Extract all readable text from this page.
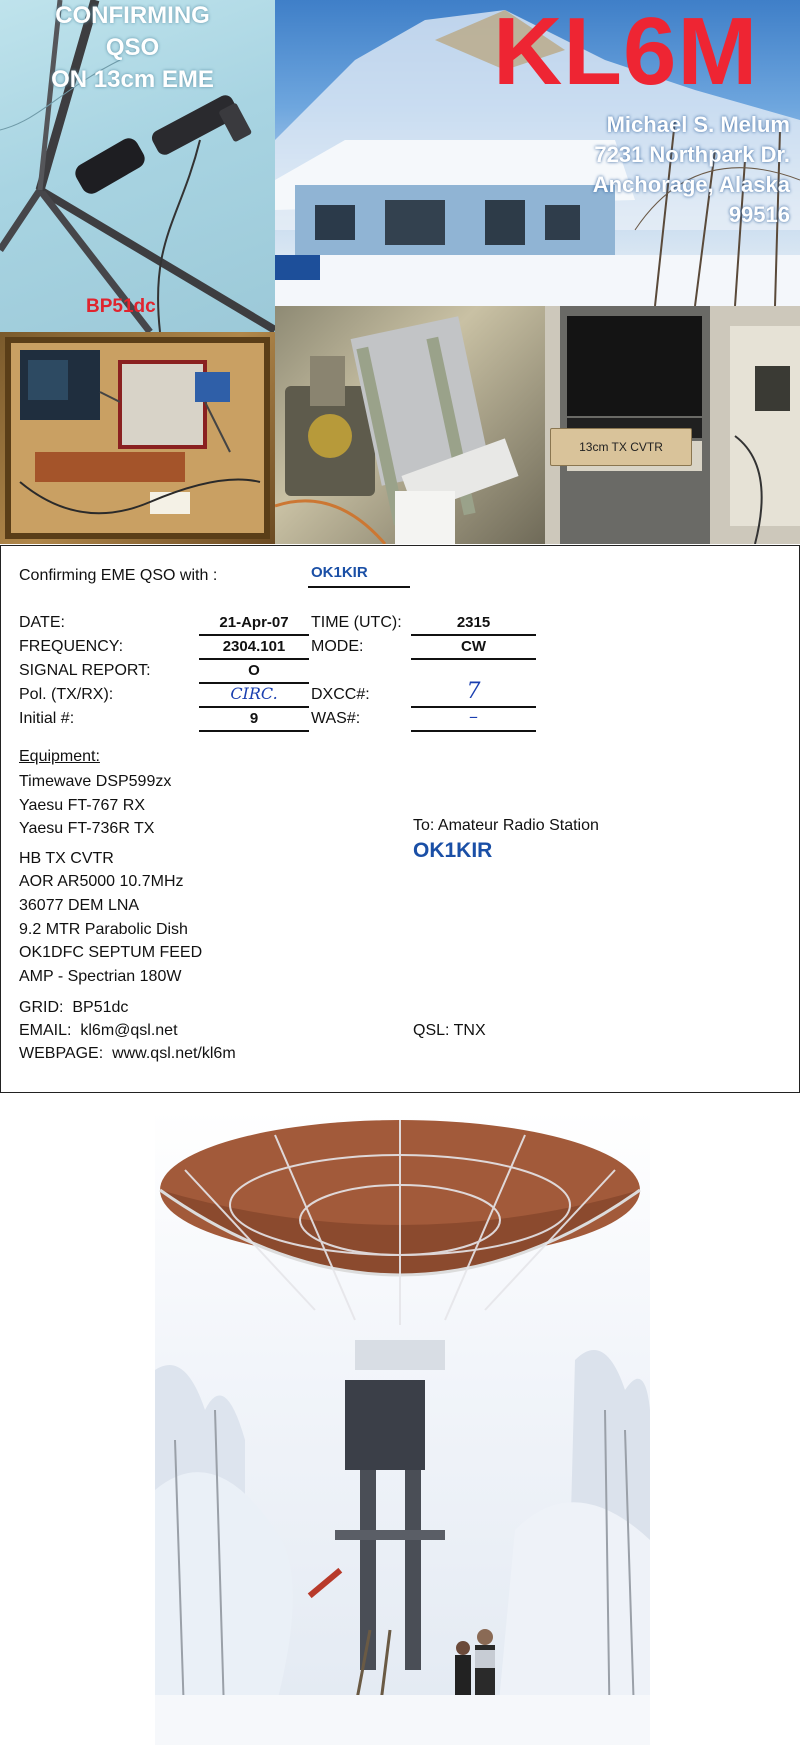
CONFIRMING
QSO
ON 13cm EME
BP51dc
KL6M
Michael S. Melum
7231 Northpark Dr.
Anchorage, Alaska
99516
13cm TX CVTR
Confirming EME QSO with :	OK1KIR
DATE:	21-Apr-07	TIME (UTC):	2315
FREQUENCY:	2304.101	MODE:	CW
SIGNAL REPORT:	O
Pol. (TX/RX):	CIRC.	DXCC#:	7
Initial #:	9	WAS#:	–
Equipment:
Timewave DSP599zx
Yaesu FT-767 RX
Yaesu FT-736R TX
HB TX CVTR
AOR AR5000 10.7MHz
36077 DEM LNA
9.2 MTR Parabolic Dish
OK1DFC SEPTUM FEED
AMP - Spectrian 180W
To: Amateur Radio Station
OK1KIR
GRID: BP51dc
EMAIL: kl6m@qsl.net
WEBPAGE: www.qsl.net/kl6m
QSL: TNX
